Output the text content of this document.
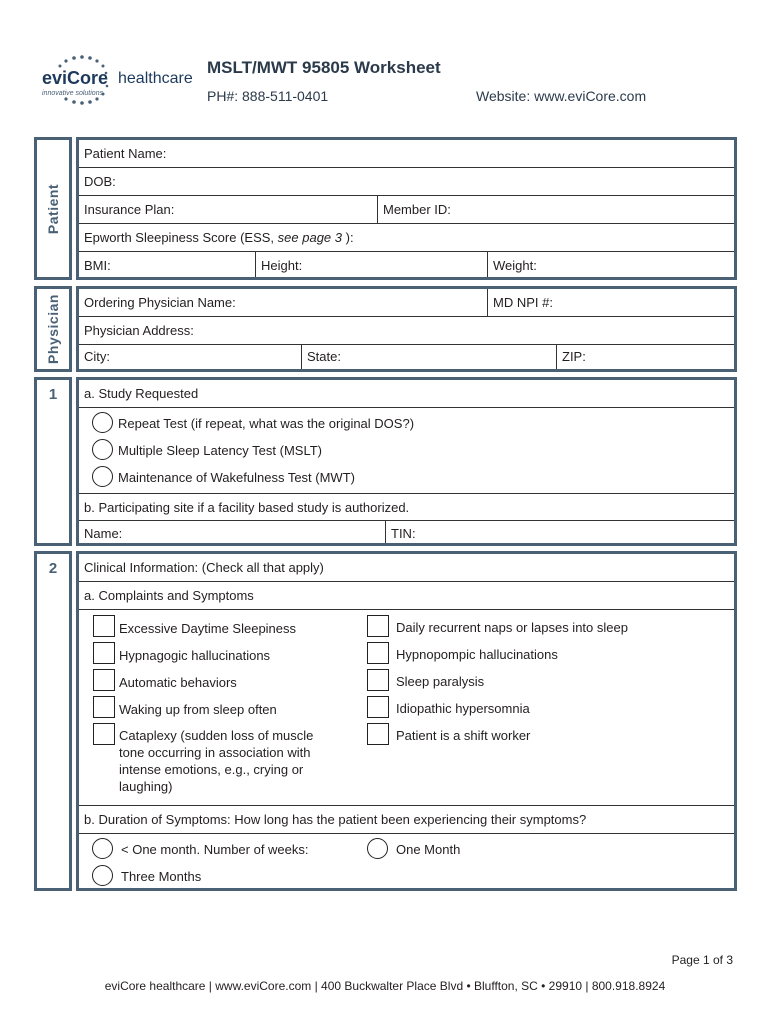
eviCore healthcare
innovative solutions
MSLT/MWT 95805 Worksheet
PH#: 888-511-0401	Website: www.eviCore.com
Patient
Patient Name:
DOB:
Insurance Plan:	Member ID:
Epworth Sleepiness Score (ESS, see page 3 ):
BMI:	Height:	Weight:
Physician	Ordering Physician Name:	MD NPI #:
Physician Address:
City:	State:	ZIP:
1	a. Study Requested
Repeat Test (if repeat, what was the original DOS?)
Multiple Sleep Latency Test (MSLT)
Maintenance of Wakefulness Test (MWT)
b. Participating site if a facility based study is authorized.
Name:	TIN:
2	Clinical Information: (Check all that apply)
a. Complaints and Symptoms
Excessive Daytime Sleepiness
Hypnagogic hallucinations
Automatic behaviors
Waking up from sleep often
Cataplexy (sudden loss of muscle
tone occurring in association with
intense emotions, e.g., crying or
laughing)
Daily recurrent naps or lapses into sleep
Hypnopompic hallucinations
Sleep paralysis
Idiopathic hypersomnia
Patient is a shift worker
b. Duration of Symptoms: How long has the patient been experiencing their symptoms?
< One month. Number of weeks:	One Month
Three Months
Page 1 of 3
eviCore healthcare | www.eviCore.com | 400 Buckwalter Place Blvd • Bluffton, SC • 29910 | 800.918.8924
